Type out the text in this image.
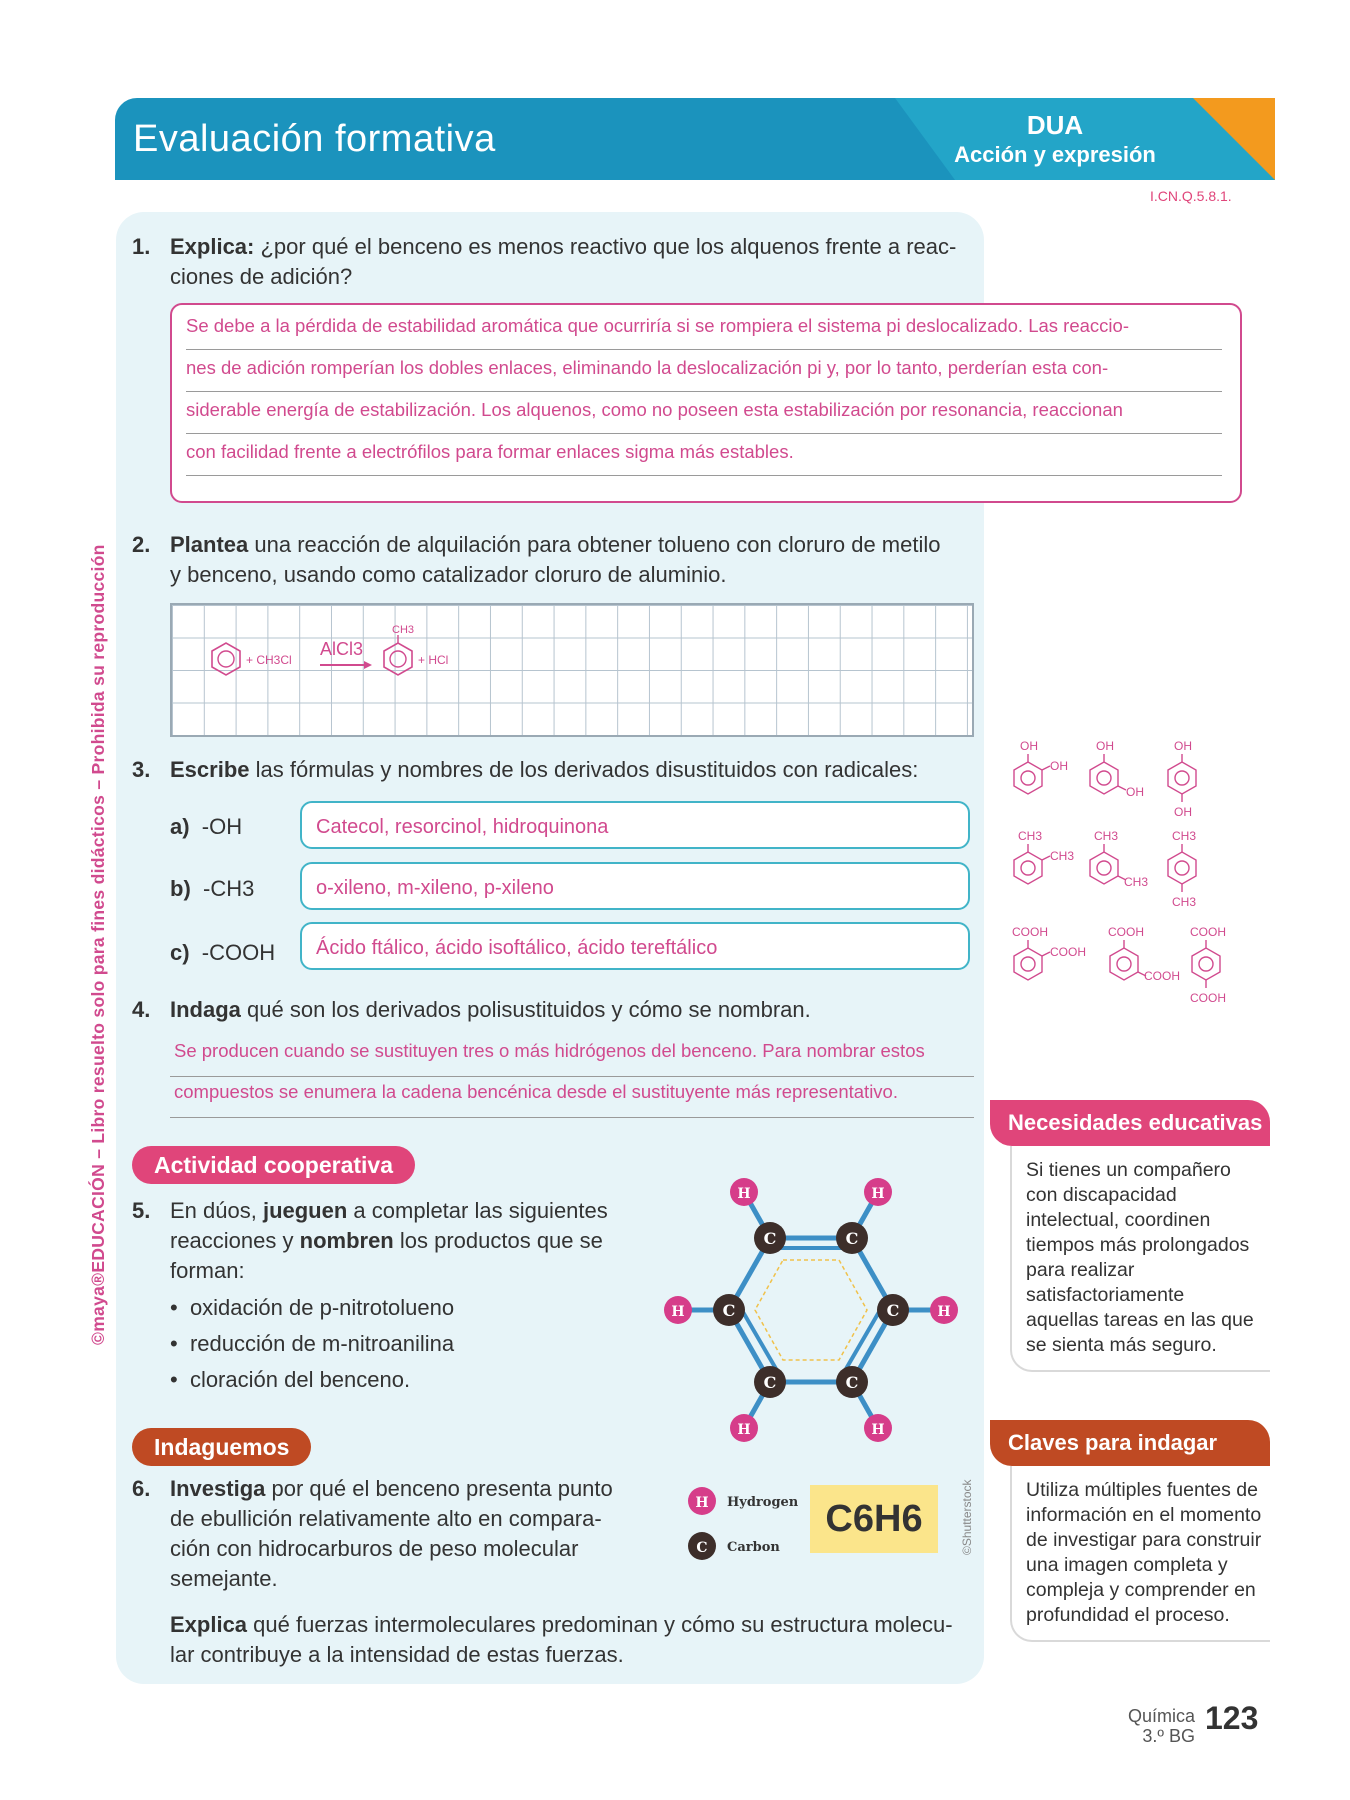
Evaluación formativa	DUA
Acción y expresión
I.CN.Q.5.8.1.
©maya®EDUCACIÓN – Libro resuelto solo para fines didácticos – Prohibida su reproducción
1. Explica: ¿por qué el benceno es menos reactivo que los alquenos frente a reac-
ciones de adición?
Se debe a la pérdida de estabilidad aromática que ocurriría si se rompiera el sistema pi deslocalizado. Las reaccio-
nes de adición romperían los dobles enlaces, eliminando la deslocalización pi y, por lo tanto, perderían esta con-
siderable energía de estabilización. Los alquenos, como no poseen esta estabilización por resonancia, reaccionan
con facilidad frente a electrófilos para formar enlaces sigma más estables.
2. Plantea una reacción de alquilación para obtener tolueno con cloruro de metilo
y benceno, usando como catalizador cloruro de aluminio.
+ CH3Cl
AlCl3
CH3
+ HCl
3. Escribe las fórmulas y nombres de los derivados disustituidos con radicales:
a) -OH	Catecol, resorcinol, hidroquinona
b) -CH3	o-xileno, m-xileno, p-xileno
c) -COOH	Ácido ftálico, ácido isoftálico, ácido tereftálico
OH
OH
OH
OH
OH
OH
CH3
CH3
CH3
CH3
CH3
CH3
COOH
COOH
COOH
COOH
COOH
COOH
4. Indaga qué son los derivados polisustituidos y cómo se nombran.
Se producen cuando se sustituyen tres o más hidrógenos del benceno. Para nombrar estos
compuestos se enumera la cadena bencénica desde el sustituyente más representativo.
Actividad cooperativa
5. En dúos, jueguen a completar las siguientes
reacciones y nombren los productos que se
forman:
•  oxidación de p-nitrotolueno
•  reducción de m-nitroanilina
•  cloración del benceno.
C	C
C
C
C
C
H	H
H
H
H	H
H Hydrogen
C Carbon
C6H6	©Shutterstock
Indaguemos
6. Investiga por qué el benceno presenta punto
de ebullición relativamente alto en compara-
ción con hidrocarburos de peso molecular
semejante.
Explica qué fuerzas intermoleculares predominan y cómo su estructura molecu-
lar contribuye a la intensidad de estas fuerzas.
Necesidades educativas
Si tienes un compañero con discapacidad intelectual, coordinen tiempos más prolongados para realizar satisfactoriamente aquellas tareas en las que se sienta más seguro.
Claves para indagar
Utiliza múltiples fuentes de información en el momento de investigar para construir una imagen completa y compleja y comprender en profundidad el proceso.
Química
3.º BG 123
